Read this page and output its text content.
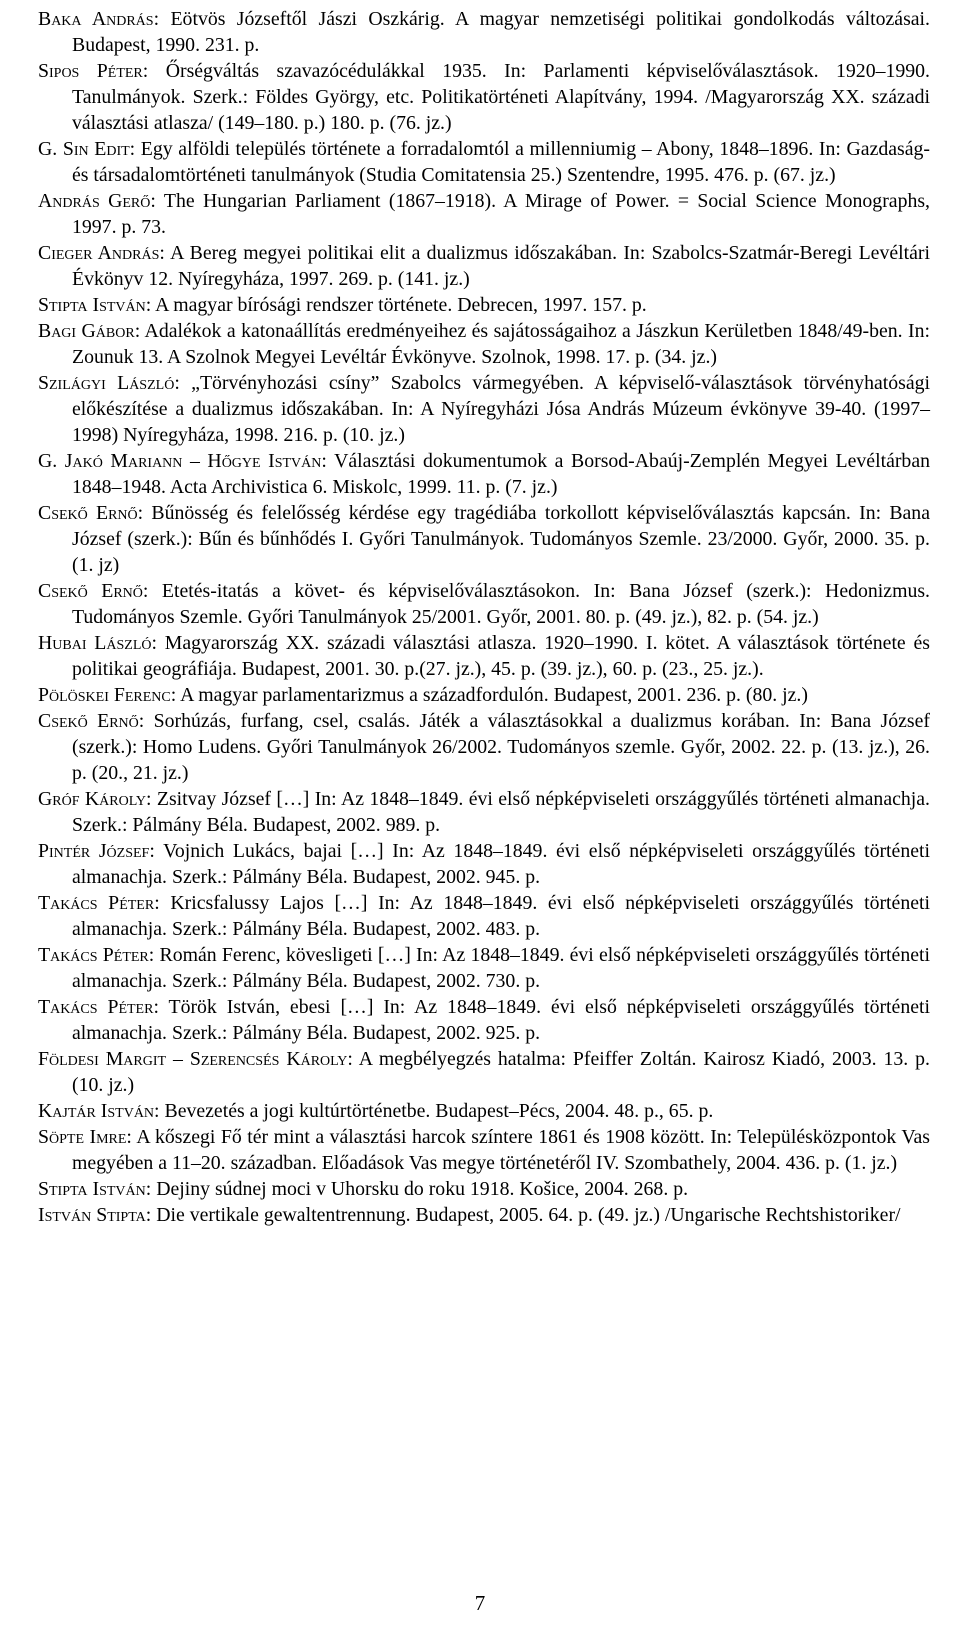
Baka András: Eötvös Józseftől Jászi Oszkárig. A magyar nemzetiségi politikai gondolkodás változásai. Budapest, 1990. 231. p.

Sipos Péter: Őrségváltás szavazócédulákkal 1935. In: Parlamenti képviselőválasztások. 1920–1990. Tanulmányok. Szerk.: Földes György, etc. Politikatörténeti Alapítvány, 1994. /Magyarország XX. századi választási atlasza/ (149–180. p.) 180. p. (76. jz.)

G. Sin Edit: Egy alföldi település története a forradalomtól a millenniumig – Abony, 1848–1896. In: Gazdaság- és társadalomtörténeti tanulmányok (Studia Comitatensia 25.) Szentendre, 1995. 476. p. (67. jz.)

András Gerő: The Hungarian Parliament (1867–1918). A Mirage of Power. = Social Science Monographs, 1997. p. 73.

Cieger András: A Bereg megyei politikai elit a dualizmus időszakában. In: Szabolcs-Szatmár-Beregi Levéltári Évkönyv 12. Nyíregyháza, 1997. 269. p. (141. jz.)

Stipta István: A magyar bírósági rendszer története. Debrecen, 1997. 157. p.

Bagi Gábor: Adalékok a katonaállítás eredményeihez és sajátosságaihoz a Jászkun Kerületben 1848/49-ben. In: Zounuk 13. A Szolnok Megyei Levéltár Évkönyve. Szolnok, 1998. 17. p. (34. jz.)

Szilágyi László: „Törvényhozási csíny” Szabolcs vármegyében. A képviselő-választások törvényhatósági előkészítése a dualizmus időszakában. In: A Nyíregyházi Jósa András Múzeum évkönyve 39-40. (1997–1998) Nyíregyháza, 1998. 216. p. (10. jz.)

G. Jakó Mariann – Hőgye István: Választási dokumentumok a Borsod-Abaúj-Zemplén Megyei Levéltárban 1848–1948. Acta Archivistica 6. Miskolc, 1999. 11. p. (7. jz.)

Csekő Ernő: Bűnösség és felelősség kérdése egy tragédiába torkollott képviselőválasztás kapcsán. In: Bana József (szerk.): Bűn és bűnhődés I. Győri Tanulmányok. Tudományos Szemle. 23/2000. Győr, 2000. 35. p. (1. jz)

Csekő Ernő: Etetés-itatás a követ- és képviselőválasztásokon. In: Bana József (szerk.): Hedonizmus. Tudományos Szemle. Győri Tanulmányok 25/2001. Győr, 2001. 80. p. (49. jz.), 82. p. (54. jz.)

Hubai László: Magyarország XX. századi választási atlasza. 1920–1990. I. kötet. A választások története és politikai geográfiája. Budapest, 2001. 30. p.(27. jz.), 45. p. (39. jz.), 60. p. (23., 25. jz.).

Pölöskei Ferenc: A magyar parlamentarizmus a századfordulón. Budapest, 2001. 236. p. (80. jz.)

Csekő Ernő: Sorhúzás, furfang, csel, csalás. Játék a választásokkal a dualizmus korában. In: Bana József (szerk.): Homo Ludens. Győri Tanulmányok 26/2002. Tudományos szemle. Győr, 2002. 22. p. (13. jz.), 26. p. (20., 21. jz.)

Gróf Károly: Zsitvay József […] In: Az 1848–1849. évi első népképviseleti országgyűlés történeti almanachja. Szerk.: Pálmány Béla. Budapest, 2002. 989. p.

Pintér József: Vojnich Lukács, bajai […] In: Az 1848–1849. évi első népképviseleti országgyűlés történeti almanachja. Szerk.: Pálmány Béla. Budapest, 2002. 945. p.

Takács Péter: Kricsfalussy Lajos […] In: Az 1848–1849. évi első népképviseleti országgyűlés történeti almanachja. Szerk.: Pálmány Béla. Budapest, 2002. 483. p.

Takács Péter: Román Ferenc, kövesligeti […] In: Az 1848–1849. évi első népképviseleti országgyűlés történeti almanachja. Szerk.: Pálmány Béla. Budapest, 2002. 730. p.

Takács Péter: Török István, ebesi […] In: Az 1848–1849. évi első népképviseleti országgyűlés történeti almanachja. Szerk.: Pálmány Béla. Budapest, 2002. 925. p.

Földesi Margit – Szerencsés Károly: A megbélyegzés hatalma: Pfeiffer Zoltán. Kairosz Kiadó, 2003. 13. p. (10. jz.)

Kajtár István: Bevezetés a jogi kultúrtörténetbe. Budapest–Pécs, 2004. 48. p., 65. p.

Söpte Imre: A kőszegi Fő tér mint a választási harcok színtere 1861 és 1908 között. In: Településközpontok Vas megyében a 11–20. században. Előadások Vas megye történetéről IV. Szombathely, 2004. 436. p. (1. jz.)

Stipta István: Dejiny súdnej moci v Uhorsku do roku 1918. Košice, 2004. 268. p.

István Stipta: Die vertikale gewaltentrennung. Budapest, 2005. 64. p. (49. jz.) /Ungarische Rechtshistoriker/

7
